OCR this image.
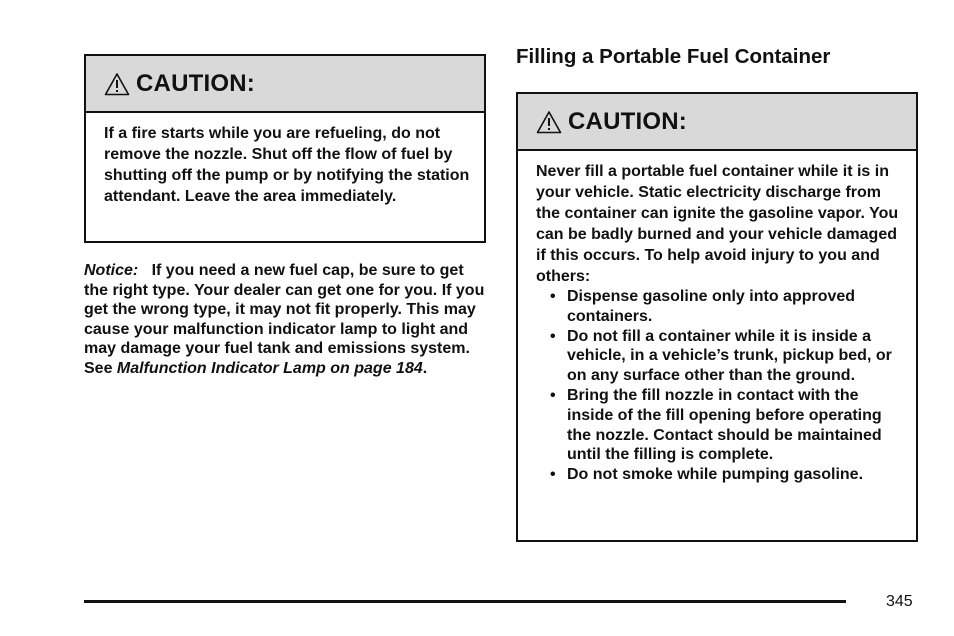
CAUTION:

If a fire starts while you are refueling, do not remove the nozzle. Shut off the flow of fuel by shutting off the pump or by notifying the station attendant. Leave the area immediately.

Notice: If you need a new fuel cap, be sure to get the right type. Your dealer can get one for you. If you get the wrong type, it may not fit properly. This may cause your malfunction indicator lamp to light and may damage your fuel tank and emissions system. See Malfunction Indicator Lamp on page 184.
Filling a Portable Fuel Container
CAUTION:

Never fill a portable fuel container while it is in your vehicle. Static electricity discharge from the container can ignite the gasoline vapor. You can be badly burned and your vehicle damaged if this occurs. To help avoid injury to you and others:

• Dispense gasoline only into approved containers.
• Do not fill a container while it is inside a vehicle, in a vehicle’s trunk, pickup bed, or on any surface other than the ground.
• Bring the fill nozzle in contact with the inside of the fill opening before operating the nozzle. Contact should be maintained until the filling is complete.
• Do not smoke while pumping gasoline.
345
